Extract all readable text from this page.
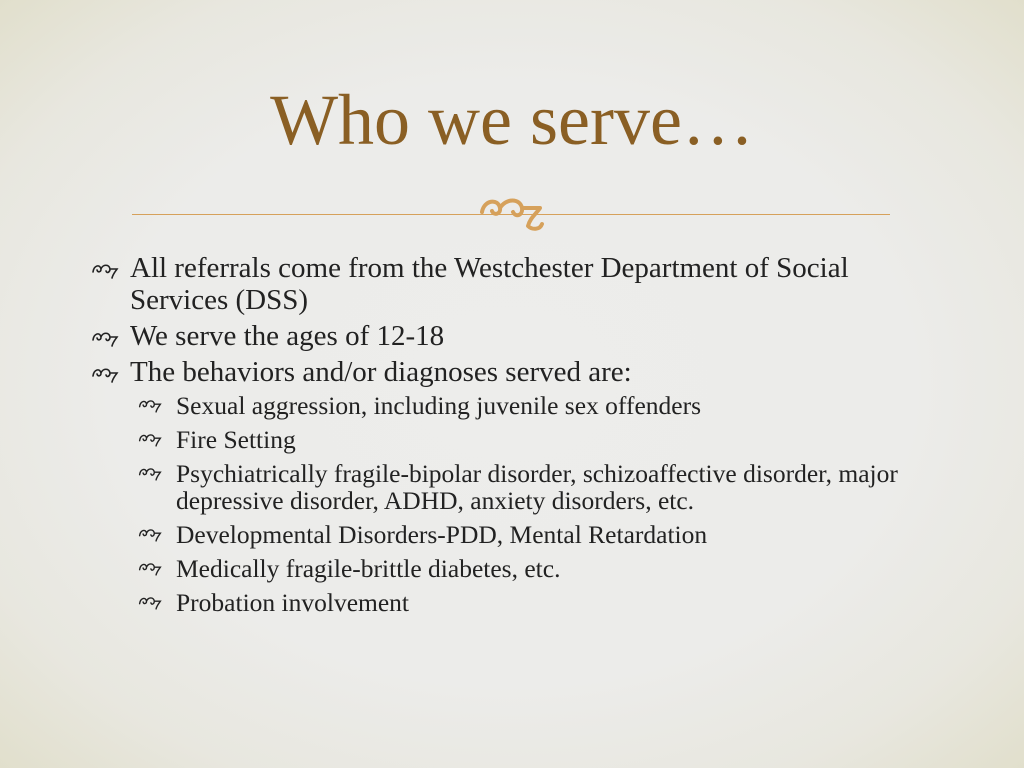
Who we serve…
All referrals come from the Westchester Department of Social Services (DSS)
We serve the ages of 12-18
The behaviors and/or diagnoses served are:
Sexual aggression, including juvenile sex offenders
Fire Setting
Psychiatrically fragile-bipolar disorder, schizoaffective disorder, major depressive disorder, ADHD, anxiety disorders, etc.
Developmental Disorders-PDD, Mental Retardation
Medically fragile-brittle diabetes, etc.
Probation involvement
